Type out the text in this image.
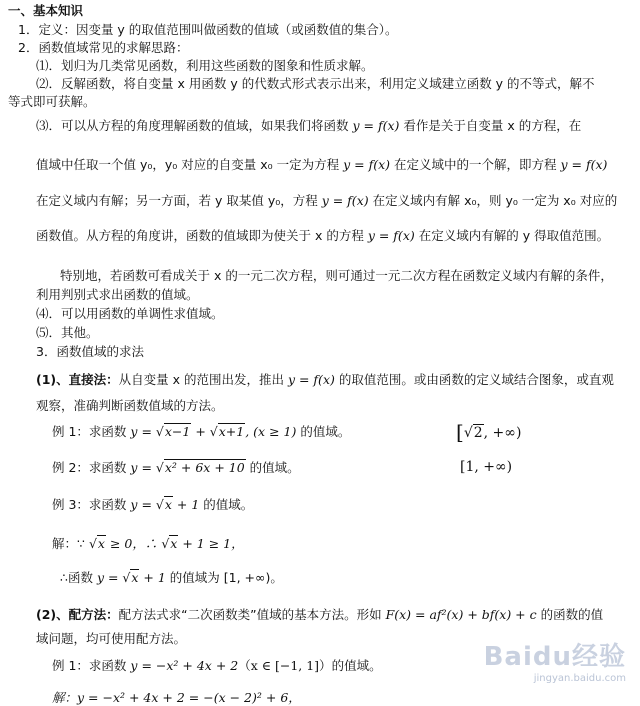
一、基本知识
1．定义：因变量 y 的取值范围叫做函数的值域（或函数值的集合）。
2．函数值域常见的求解思路：
⑴．划归为几类常见函数，利用这些函数的图象和性质求解。
⑵．反解函数，将自变量 x 用函数 y 的代数式形式表示出来，利用定义域建立函数 y 的不等式，解不
等式即可获解。
⑶．可以从方程的角度理解函数的值域，如果我们将函数 y = f(x) 看作是关于自变量 x 的方程，在
值域中任取一个值 y₀，y₀ 对应的自变量 x₀ 一定为方程 y = f(x) 在定义域中的一个解，即方程 y = f(x)
在定义域内有解；另一方面，若 y 取某值 y₀，方程 y = f(x) 在定义域内有解 x₀，则 y₀ 一定为 x₀ 对应的
函数值。从方程的角度讲，函数的值域即为使关于 x 的方程 y = f(x) 在定义域内有解的 y 得取值范围。
特别地，若函数可看成关于 x 的一元二次方程，则可通过一元二次方程在函数定义域内有解的条件，
利用判别式求出函数的值域。
⑷．可以用函数的单调性求值域。
⑸．其他。
3．函数值域的求法
(1)、直接法：从自变量 x 的范围出发，推出 y = f(x) 的取值范围。或由函数的定义域结合图象，或直观
观察，准确判断函数值域的方法。
例 1：求函数 y = √x−1 + √x+1, (x ≥ 1) 的值域。	[√2, +∞)
例 2：求函数 y = √x² + 6x + 10 的值域。	[1, +∞)
例 3：求函数 y = √x + 1 的值域。
解：∵ √x ≥ 0，∴ √x + 1 ≥ 1，
∴函数 y = √x + 1 的值域为 [1, +∞)。
(2)、配方法：配方法式求“二次函数类”值域的基本方法。形如 F(x) = af²(x) + bf(x) + c 的函数的值
域问题，均可使用配方法。
例 1：求函数 y = −x² + 4x + 2（x ∈ [−1, 1]）的值域。
解：y = −x² + 4x + 2 = −(x − 2)² + 6，
Baidu经验
jingyan.baidu.com
